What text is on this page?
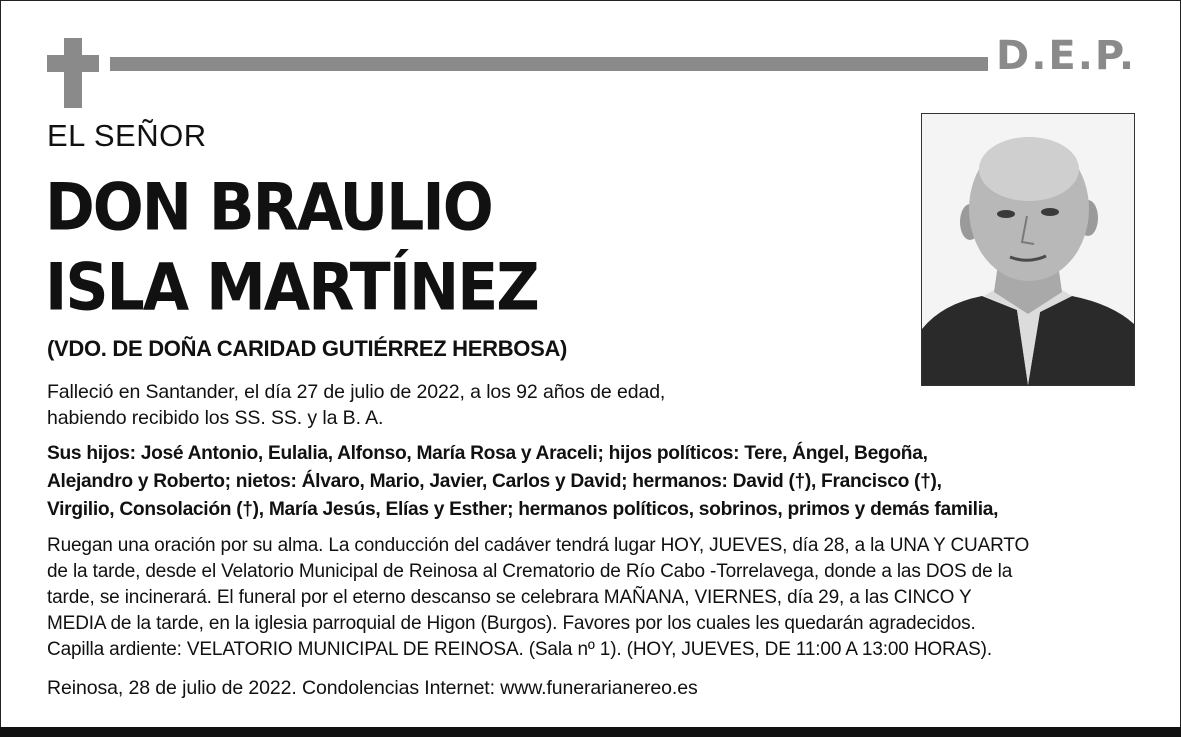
D.E.P.
EL SEÑOR
DON BRAULIO
ISLA MARTÍNEZ
(VDO. DE DOÑA CARIDAD GUTIÉRREZ HERBOSA)
Falleció en Santander, el día 27 de julio de 2022, a los 92 años de edad,
habiendo recibido los SS. SS. y la B. A.
Sus hijos: José Antonio, Eulalia, Alfonso, María Rosa y Araceli; hijos políticos: Tere, Ángel, Begoña,
Alejandro y Roberto; nietos: Álvaro, Mario, Javier, Carlos y David; hermanos: David (†), Francisco (†),
Virgilio, Consolación (†), María Jesús, Elías y Esther; hermanos políticos, sobrinos, primos y demás familia,
Ruegan una oración por su alma. La conducción del cadáver tendrá lugar HOY, JUEVES, día 28, a la UNA Y CUARTO
de la tarde, desde el Velatorio Municipal de Reinosa al Crematorio de Río Cabo -Torrelavega, donde a las DOS de la
tarde, se incinerará. El funeral por el eterno descanso se celebrara MAÑANA, VIERNES, día 29, a las CINCO Y
MEDIA de la tarde, en la iglesia parroquial de Higon (Burgos). Favores por los cuales les quedarán agradecidos.
Capilla ardiente: VELATORIO MUNICIPAL DE REINOSA. (Sala nº 1). (HOY, JUEVES, DE 11:00 A 13:00 HORAS).
Reinosa, 28 de julio de 2022. Condolencias Internet: www.funerarianereo.es
